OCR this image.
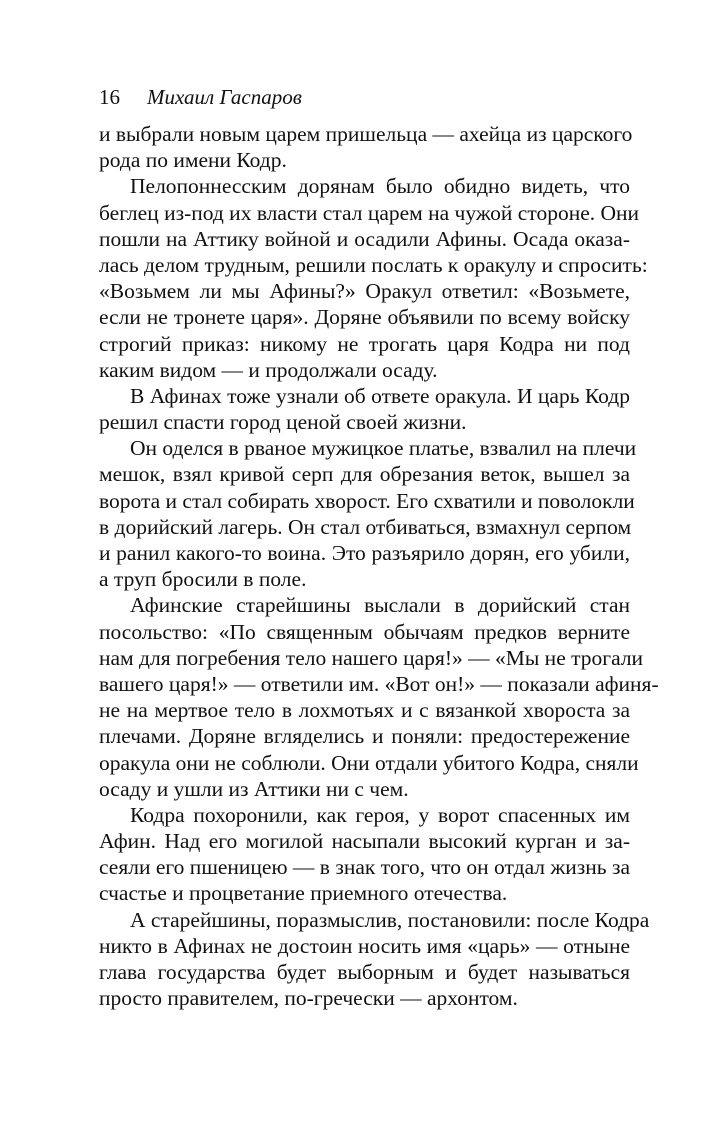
16 Михаил Гаспаров
и выбрали новым царем пришельца — ахейца из царского
рода по имени Кодр.
Пелопоннесским дорянам было обидно видеть, что
беглец из-под их власти стал царем на чужой стороне. Они
пошли на Аттику войной и осадили Афины. Осада оказа-
лась делом трудным, решили послать к оракулу и спросить:
«Возьмем ли мы Афины?» Оракул ответил: «Возьмете,
если не тронете царя». Доряне объявили по всему войску
строгий приказ: никому не трогать царя Кодра ни под
каким видом — и продолжали осаду.
В Афинах тоже узнали об ответе оракула. И царь Кодр
решил спасти город ценой своей жизни.
Он оделся в рваное мужицкое платье, взвалил на плечи
мешок, взял кривой серп для обрезания веток, вышел за
ворота и стал собирать хворост. Его схватили и поволокли
в дорийский лагерь. Он стал отбиваться, взмахнул серпом
и ранил какого-то воина. Это разъярило дорян, его убили,
а труп бросили в поле.
Афинские старейшины выслали в дорийский стан
посольство: «По священным обычаям предков верните
нам для погребения тело нашего царя!» — «Мы не трогали
вашего царя!» — ответили им. «Вот он!» — показали афиня-
не на мертвое тело в лохмотьях и с вязанкой хвороста за
плечами. Доряне вгляделись и поняли: предостережение
оракула они не соблюли. Они отдали убитого Кодра, сняли
осаду и ушли из Аттики ни с чем.
Кодра похоронили, как героя, у ворот спасенных им
Афин. Над его могилой насыпали высокий курган и за-
сеяли его пшеницею — в знак того, что он отдал жизнь за
счастье и процветание приемного отечества.
А старейшины, поразмыслив, постановили: после Кодра
никто в Афинах не достоин носить имя «царь» — отныне
глава государства будет выборным и будет называться
просто правителем, по-гречески — архонтом.
